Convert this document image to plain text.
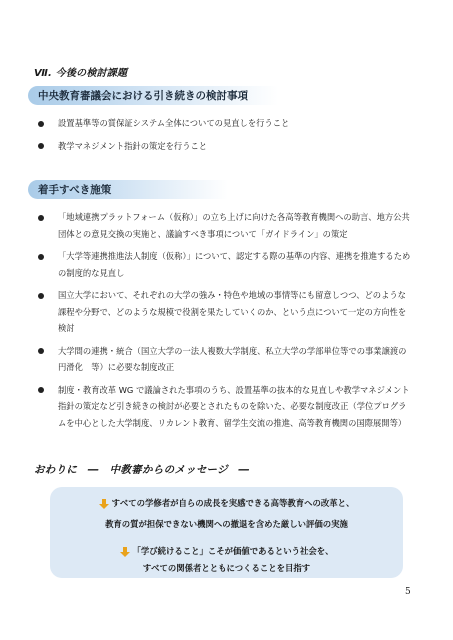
Ⅶ. 今後の検討課題
中央教育審議会における引き続きの検討事項
設置基準等の質保証システム全体についての見直しを行うこと
教学マネジメント指針の策定を行うこと
着手すべき施策
「地域連携プラットフォーム（仮称）」の立ち上げに向けた各高等教育機関への助言、地方公共団体との意見交換の実施と、議論すべき事項について「ガイドライン」の策定
「大学等連携推進法人制度（仮称）」について、認定する際の基準の内容、連携を推進するための制度的な見直し
国立大学において、それぞれの大学の強み・特色や地域の事情等にも留意しつつ、どのような課程や分野で、どのような規模で役割を果たしていくのか、という点について一定の方向性を検討
大学間の連携・統合（国立大学の一法人複数大学制度、私立大学の学部単位等での事業譲渡の円滑化　等）に必要な制度改正
制度・教育改革 WG で議論された事項のうち、設置基準の抜本的な見直しや教学マネジメント指針の策定など引き続きの検討が必要とされたものを除いた、必要な制度改正（学位プログラムを中心とした大学制度、リカレント教育、留学生交流の推進、高等教育機関の国際展開等）
おわりに　―　中教審からのメッセージ　―
すべての学修者が自らの成長を実感できる高等教育への改革と、
教育の質が担保できない機関への撤退を含めた厳しい評価の実施
「学び続けること」こそが価値であるという社会を、
すべての関係者とともにつくることを目指す
5
